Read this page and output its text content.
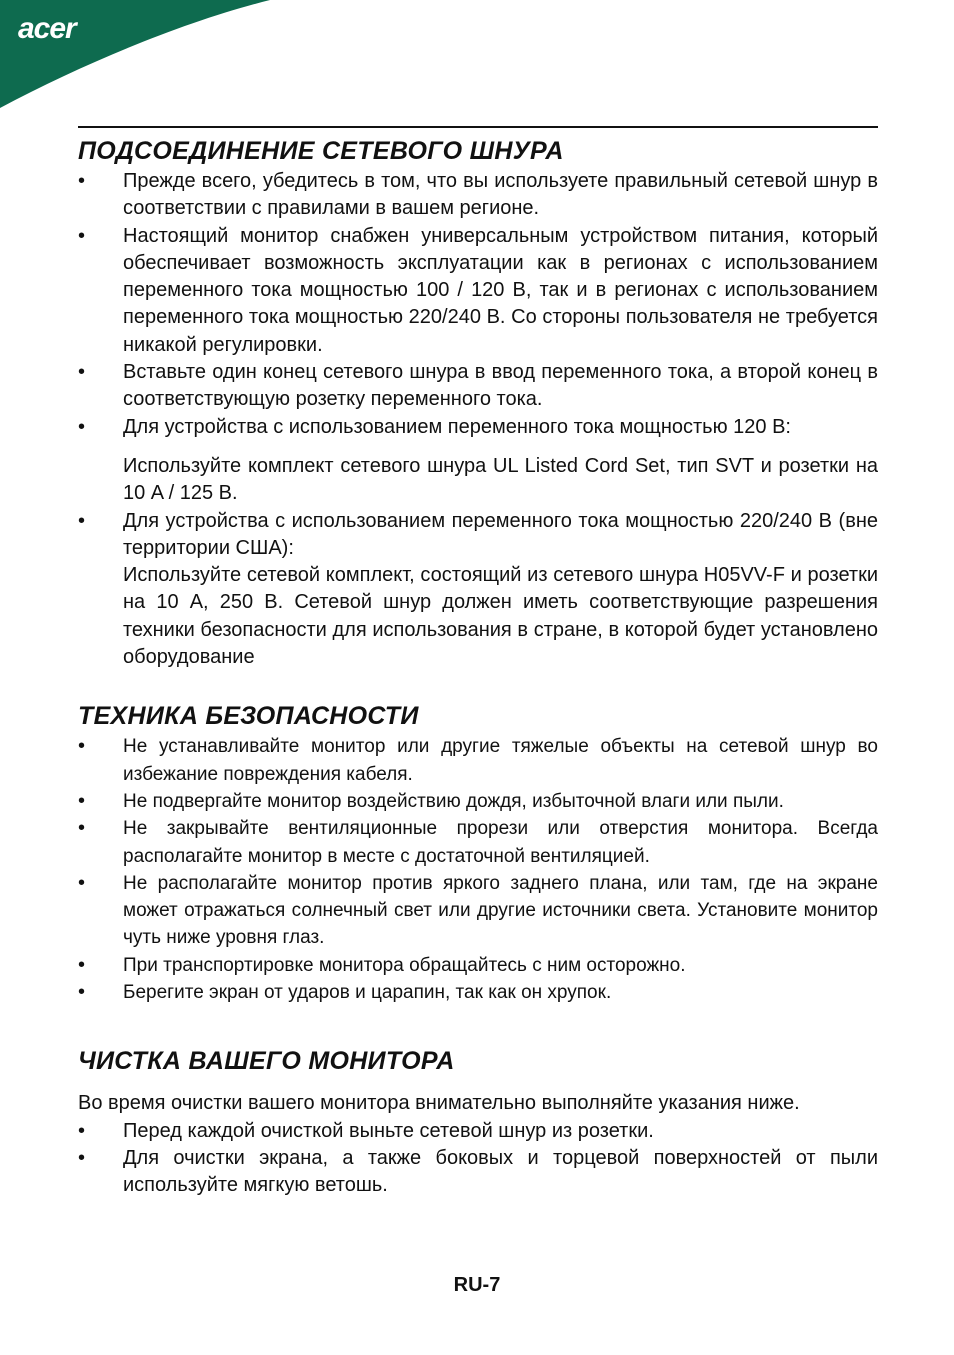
acer
ПОДСОЕДИНЕНИЕ СЕТЕВОГО ШНУРА
• Прежде всего, убедитесь в том, что вы используете правильный сетевой шнур в соответствии с правилами в вашем регионе.
• Настоящий монитор снабжен универсальным устройством питания, который обеспечивает возможность эксплуатации как в регионах с использованием переменного тока мощностью 100 / 120 В, так и в регионах с использованием переменного тока мощностью 220/240 В. Со стороны пользователя не требуется никакой регулировки.
• Вставьте один конец сетевого шнура в ввод переменного тока, а второй конец в соответствующую розетку переменного тока.
• Для устройства с использованием переменного тока мощностью 120 В:
Используйте комплект сетевого шнура UL Listed Cord Set, тип SVT и розетки на 10 A / 125 В.
• Для устройства с использованием переменного тока мощностью 220/240 В (вне территории США):
Используйте сетевой комплект, состоящий из сетевого шнура H05VV-F и розетки на 10 A, 250 В. Сетевой шнур должен иметь соответствующие разрешения техники безопасности для использования в стране, в которой будет установлено оборудование
ТЕХНИКА БЕЗОПАСНОСТИ
• Не устанавливайте монитор или другие тяжелые объекты на сетевой шнур во избежание повреждения кабеля.
• Не подвергайте монитор воздействию дождя, избыточной влаги или пыли.
• Не закрывайте вентиляционные прорези или отверстия монитора. Всегда располагайте монитор в месте с достаточной вентиляцией.
• Не располагайте монитор против яркого заднего плана, или там, где на экране может отражаться солнечный свет или другие источники света. Установите монитор чуть ниже уровня глаз.
• При транспортировке монитора обращайтесь с ним осторожно.
• Берегите экран от ударов и царапин, так как он хрупок.
ЧИСТКА ВАШЕГО МОНИТОРА
Во время очистки вашего монитора внимательно выполняйте указания ниже.
• Перед каждой очисткой выньте сетевой шнур из розетки.
• Для очистки экрана, а также боковых и торцевой поверхностей от пыли используйте мягкую ветошь.
RU-7
